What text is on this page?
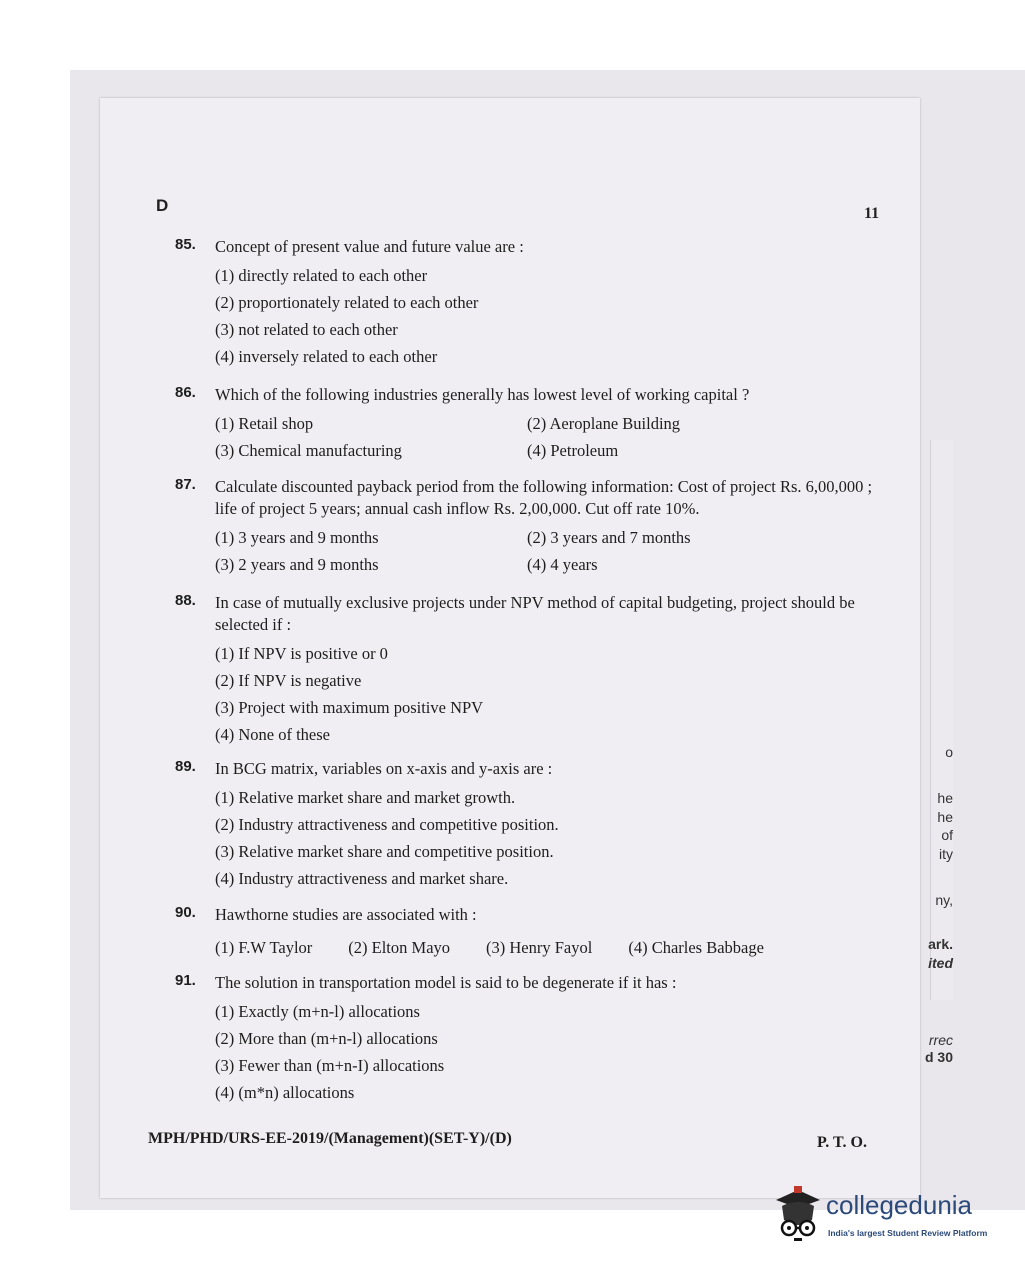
o
he
he
of
ity
ny,
ark.
ited
rrec
d 30
D	11
85. Concept of present value and future value are :
(1) directly related to each other
(2) proportionately related to each other
(3) not related to each other
(4) inversely related to each other
86. Which of the following industries generally has lowest level of working capital ?
(1) Retail shop	(2) Aeroplane Building
(3) Chemical manufacturing	(4) Petroleum
87. Calculate discounted payback period from the following information: Cost of project Rs. 6,00,000 ; life of project 5 years; annual cash inflow Rs. 2,00,000. Cut off rate 10%.
(1) 3 years and 9 months	(2) 3 years and 7 months
(3) 2 years and 9 months	(4) 4 years
88. In case of mutually exclusive projects under NPV method of capital budgeting, project should be selected if :
(1) If NPV is positive or 0
(2) If NPV is negative
(3) Project with maximum positive NPV
(4) None of these
89. In BCG matrix, variables on x-axis and y-axis are :
(1) Relative market share and market growth.
(2) Industry attractiveness and competitive position.
(3) Relative market share and competitive position.
(4) Industry attractiveness and market share.
90. Hawthorne studies are associated with :
(1) F.W Taylor (2) Elton Mayo (3) Henry Fayol (4) Charles Babbage
91. The solution in transportation model is said to be degenerate if it has :
(1) Exactly (m+n-l) allocations
(2) More than (m+n-l) allocations
(3) Fewer than (m+n-I) allocations
(4) (m*n) allocations
MPH/PHD/URS-EE-2019/(Management)(SET-Y)/(D)	P. T. O.
collegedunia
India's largest Student Review Platform
